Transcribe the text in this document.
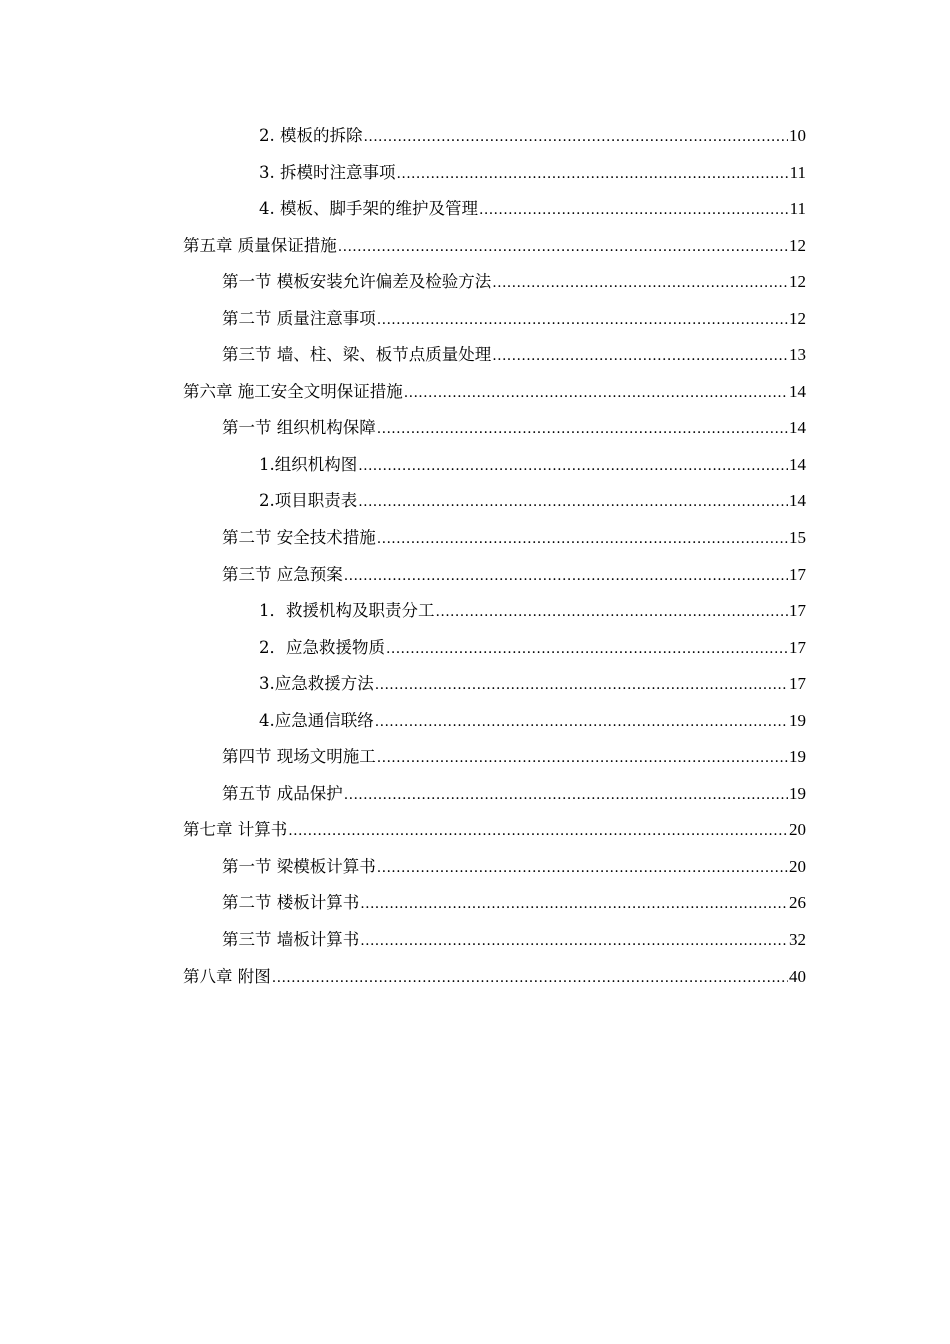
2. 模板的拆除 .....	10
3. 拆模时注意事项 .....	11
4. 模板、脚手架的维护及管理 .....	11
第五章 质量保证措施 .....	12
第一节 模板安装允许偏差及检验方法 .....	12
第二节 质量注意事项 .....	12
第三节 墙、柱、梁、板节点质量处理 .....	13
第六章 施工安全文明保证措施 .....	14
第一节 组织机构保障 .....	14
1.组织机构图 .....	14
2.项目职责表 .....	14
第二节 安全技术措施 .....	15
第三节 应急预案 .....	17
1．救援机构及职责分工 .....	17
2．应急救援物质 .....	17
3.应急救援方法 .....	17
4.应急通信联络 .....	19
第四节 现场文明施工 .....	19
第五节 成品保护 .....	19
第七章 计算书 .....	20
第一节 梁模板计算书 .....	20
第二节 楼板计算书 .....	26
第三节 墙板计算书 .....	32
第八章 附图 .....	40
